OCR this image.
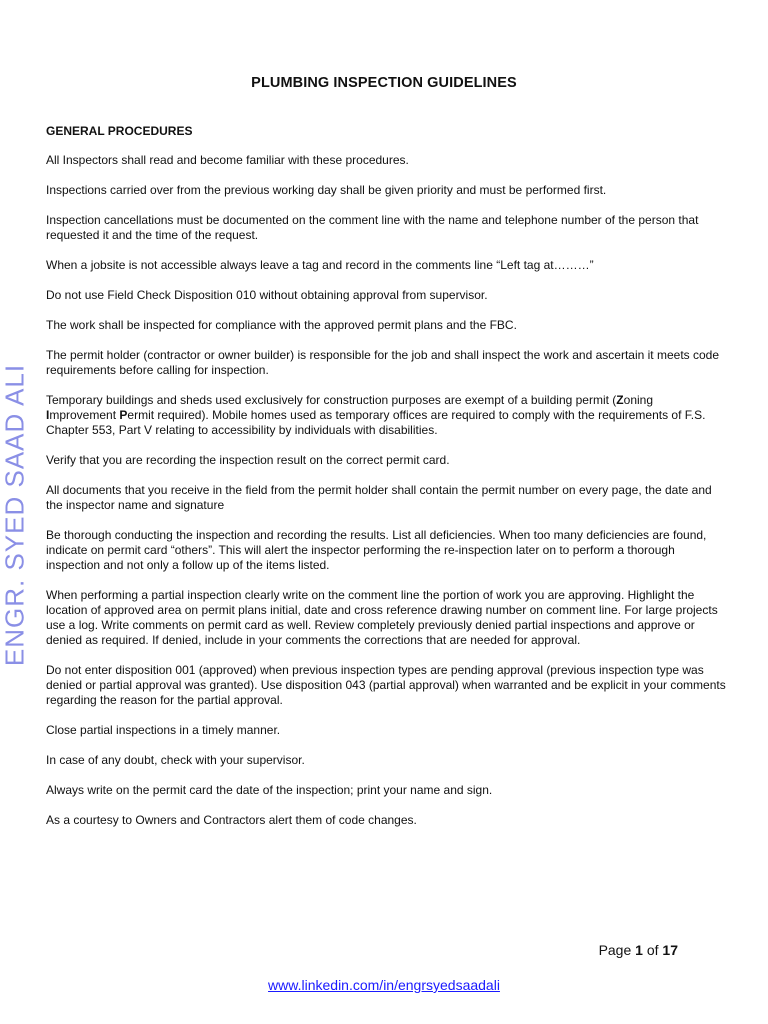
ENGR. SYED SAAD ALI
PLUMBING INSPECTION GUIDELINES
GENERAL PROCEDURES

All Inspectors shall read and become familiar with these procedures.

Inspections carried over from the previous working day shall be given priority and must be performed first.

Inspection cancellations must be documented on the comment line with the name and telephone number of the person that requested it and the time of the request.

When a jobsite is not accessible always leave a tag and record in the comments line “Left tag at………”

Do not use Field Check Disposition 010 without obtaining approval from supervisor.

The work shall be inspected for compliance with the approved permit plans and the FBC.

The permit holder (contractor or owner builder) is responsible for the job and shall inspect the work and ascertain it meets code requirements before calling for inspection.

Temporary buildings and sheds used exclusively for construction purposes are exempt of a building permit (Zoning Improvement Permit required). Mobile homes used as temporary offices are required to comply with the requirements of F.S. Chapter 553, Part V relating to accessibility by individuals with disabilities.

Verify that you are recording the inspection result on the correct permit card.

All documents that you receive in the field from the permit holder shall contain the permit number on every page, the date and the inspector name and signature

Be thorough conducting the inspection and recording the results. List all deficiencies. When too many deficiencies are found, indicate on permit card “others”. This will alert the inspector performing the re-inspection later on to perform a thorough inspection and not only a follow up of the items listed.

When performing a partial inspection clearly write on the comment line the portion of work you are approving. Highlight the location of approved area on permit plans initial, date and cross reference drawing number on comment line. For large projects use a log. Write comments on permit card as well. Review completely previously denied partial inspections and approve or denied as required. If denied, include in your comments the corrections that are needed for approval.

Do not enter disposition 001 (approved) when previous inspection types are pending approval (previous inspection type was denied or partial approval was granted). Use disposition 043 (partial approval) when warranted and be explicit in your comments regarding the reason for the partial approval.

Close partial inspections in a timely manner.

In case of any doubt, check with your supervisor.

Always write on the permit card the date of the inspection; print your name and sign.

As a courtesy to Owners and Contractors alert them of code changes.

Page 1 of 17
www.linkedin.com/in/engrsyedsaadali
